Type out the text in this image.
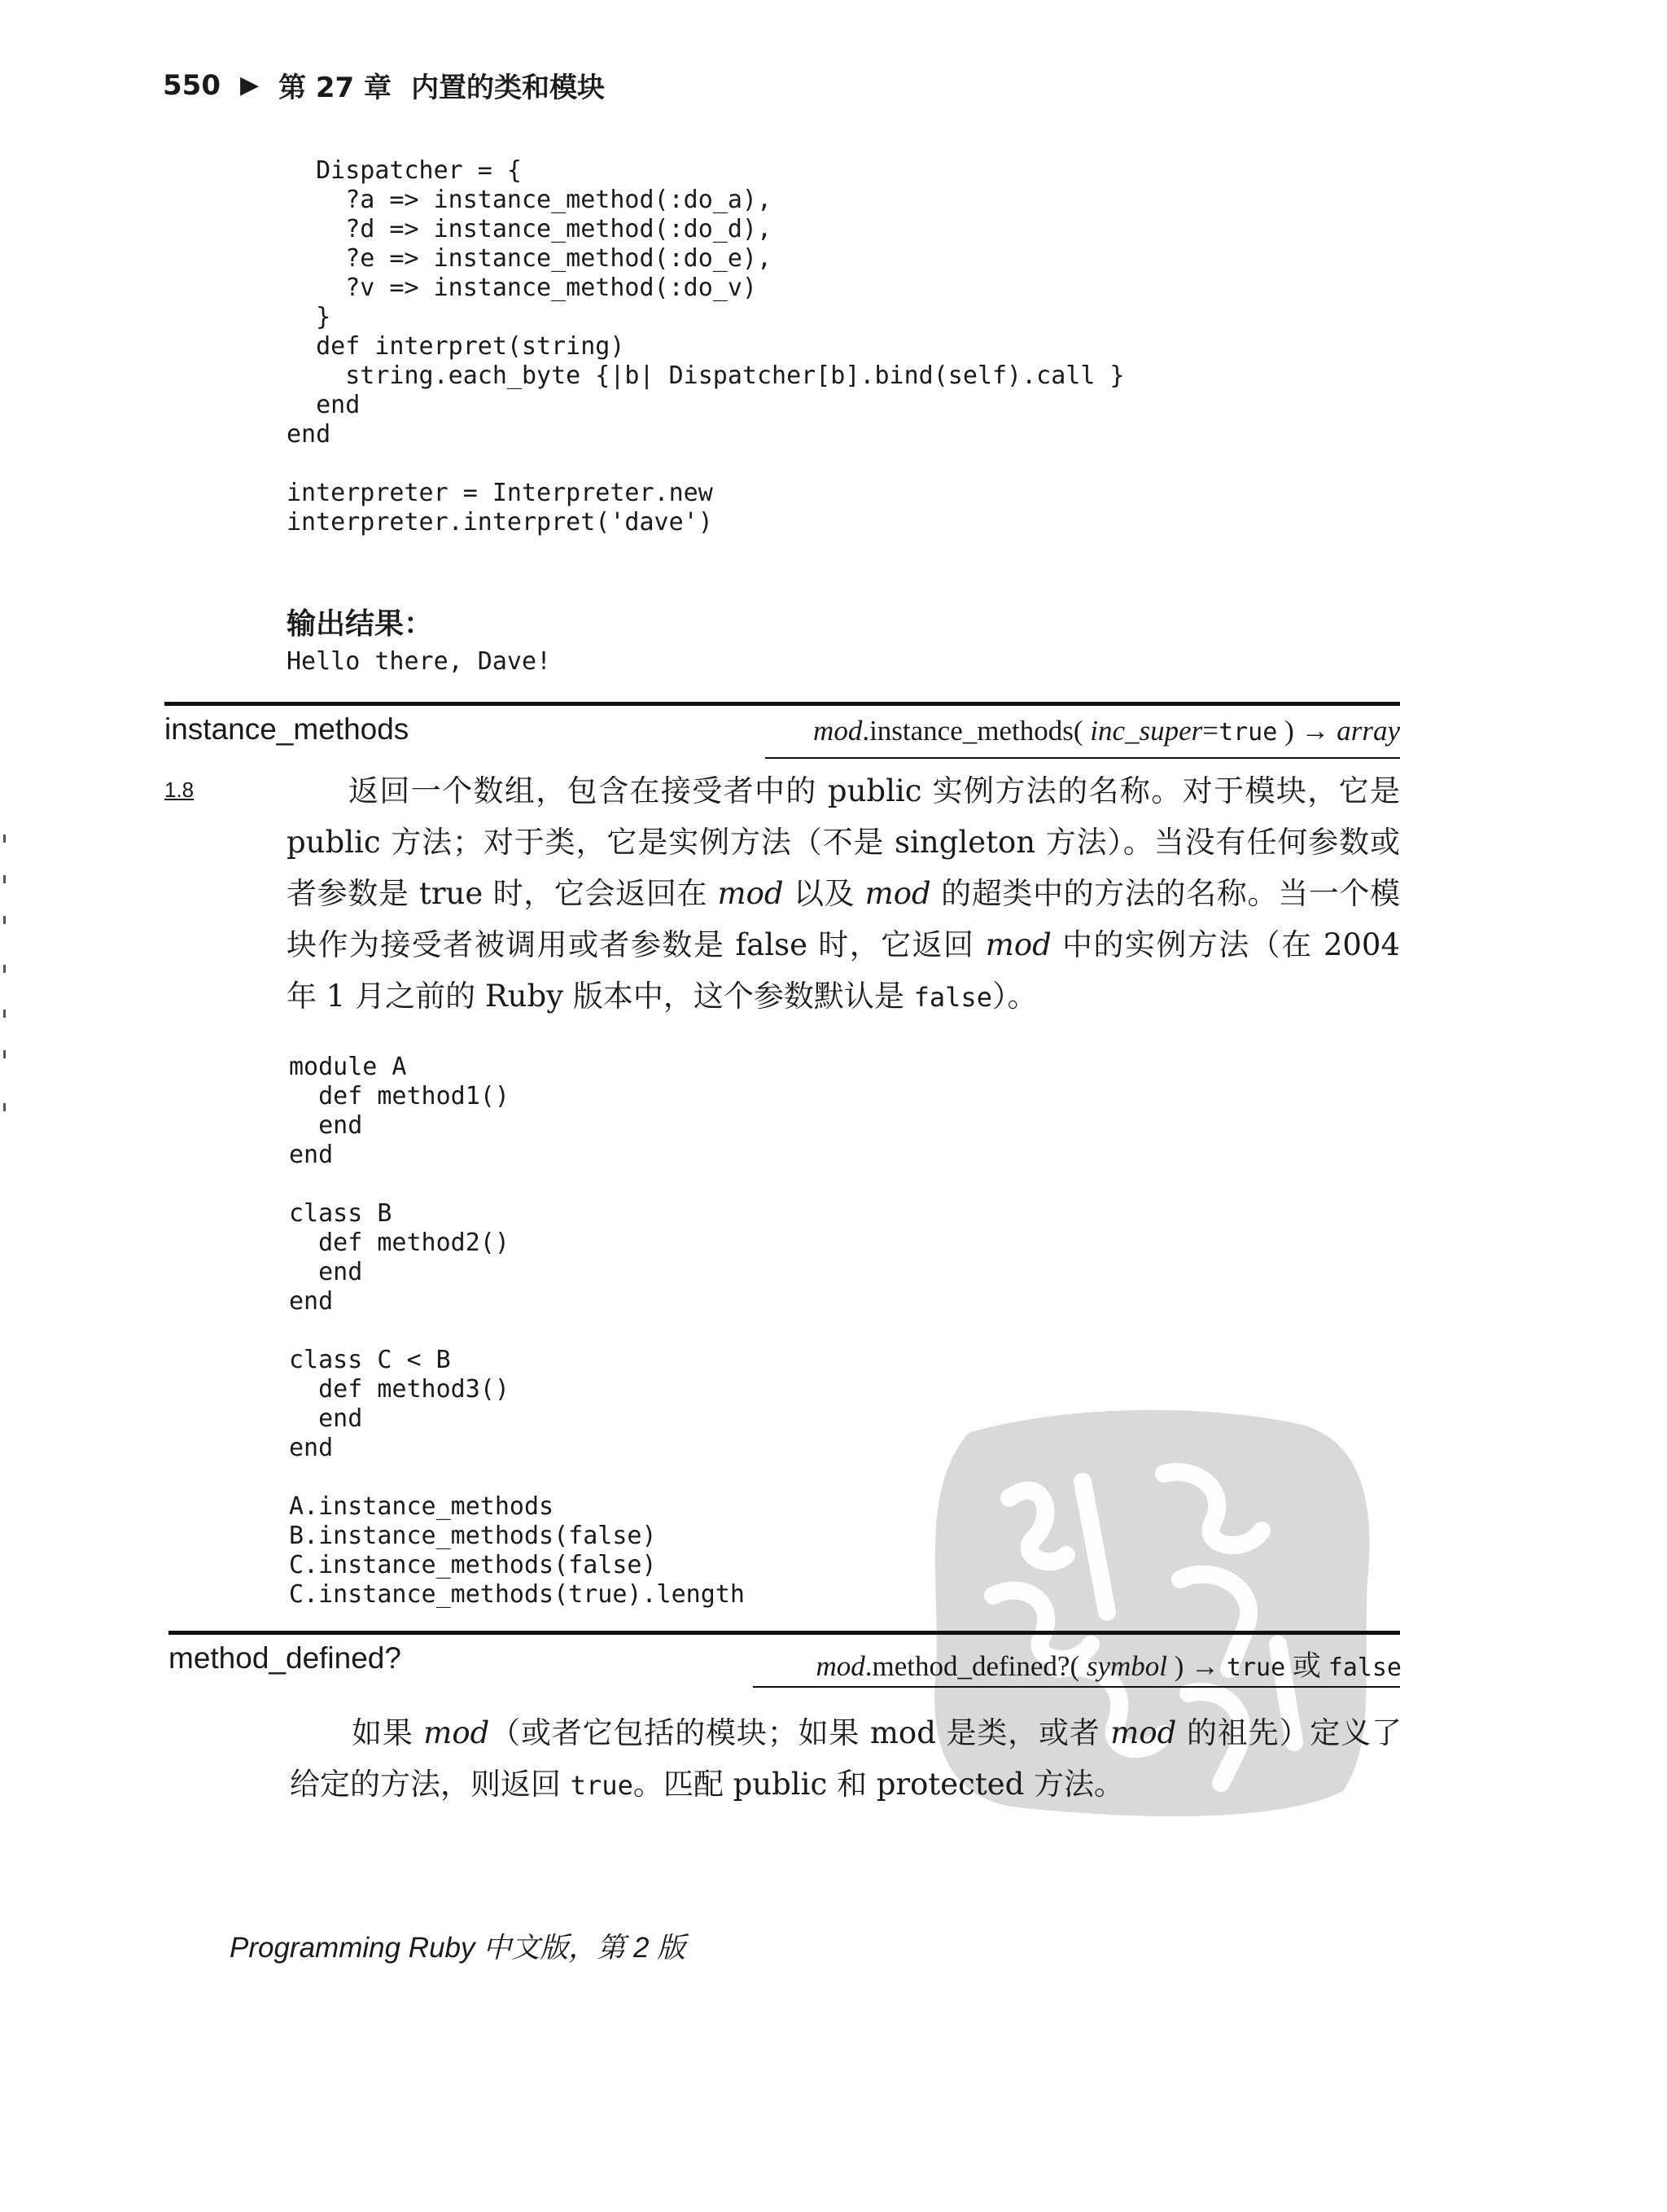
550 ▶ 第 27 章 内置的类和模块
Dispatcher = {
?a => instance_method(:do_a),
?d => instance_method(:do_d),
?e => instance_method(:do_e),
?v => instance_method(:do_v)
}
def interpret(string)
string.each_byte {|b| Dispatcher[b].bind(self).call }
end
end

interpreter = Interpreter.new
interpreter.interpret('dave')
输出结果：
Hello there, Dave!
instance_methods	mod.instance_methods( inc_super=true ) → array
1.8	返回一个数组，包含在接受者中的 public 实例方法的名称。对于模块，它是 public 方法；对于类，它是实例方法（不是 singleton 方法）。当没有任何参数或者参数是 true 时，它会返回在 mod 以及 mod 的超类中的方法的名称。当一个模块作为接受者被调用或者参数是 false 时，它返回 mod 中的实例方法（在 2004 年 1 月之前的 Ruby 版本中，这个参数默认是 false）。

module A
def method1()
end
end

class B
def method2()
end
end

class C < B
def method3()
end
end

A.instance_methods
B.instance_methods(false)
C.instance_methods(false)
C.instance_methods(true).length
method_defined?	mod.method_defined?( symbol ) → true 或 false

如果 mod（或者它包括的模块；如果 mod 是类，或者 mod 的祖先）定义了给定的方法，则返回 true。匹配 public 和 protected 方法。

Programming Ruby 中文版，第 2 版
